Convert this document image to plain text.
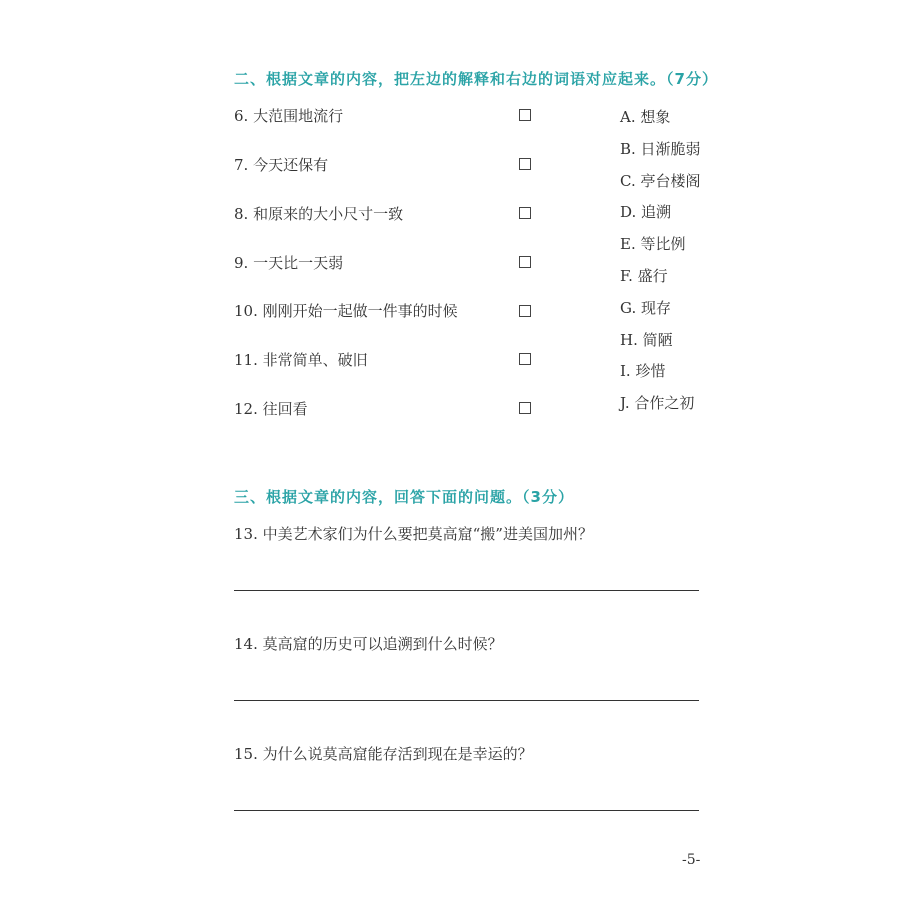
二、根据文章的内容，把左边的解释和右边的词语对应起来。（7分）
6. 大范围地流行
7. 今天还保有
8. 和原来的大小尺寸一致
9. 一天比一天弱
10. 刚刚开始一起做一件事的时候
11. 非常简单、破旧
12. 往回看
A. 想象
B. 日渐脆弱
C. 亭台楼阁
D. 追溯
E. 等比例
F. 盛行
G. 现存
H. 简陋
I. 珍惜
J. 合作之初
三、根据文章的内容，回答下面的问题。（3分）
13. 中美艺术家们为什么要把莫高窟“搬”进美国加州？
14. 莫高窟的历史可以追溯到什么时候？
15. 为什么说莫高窟能存活到现在是幸运的？
-5-
